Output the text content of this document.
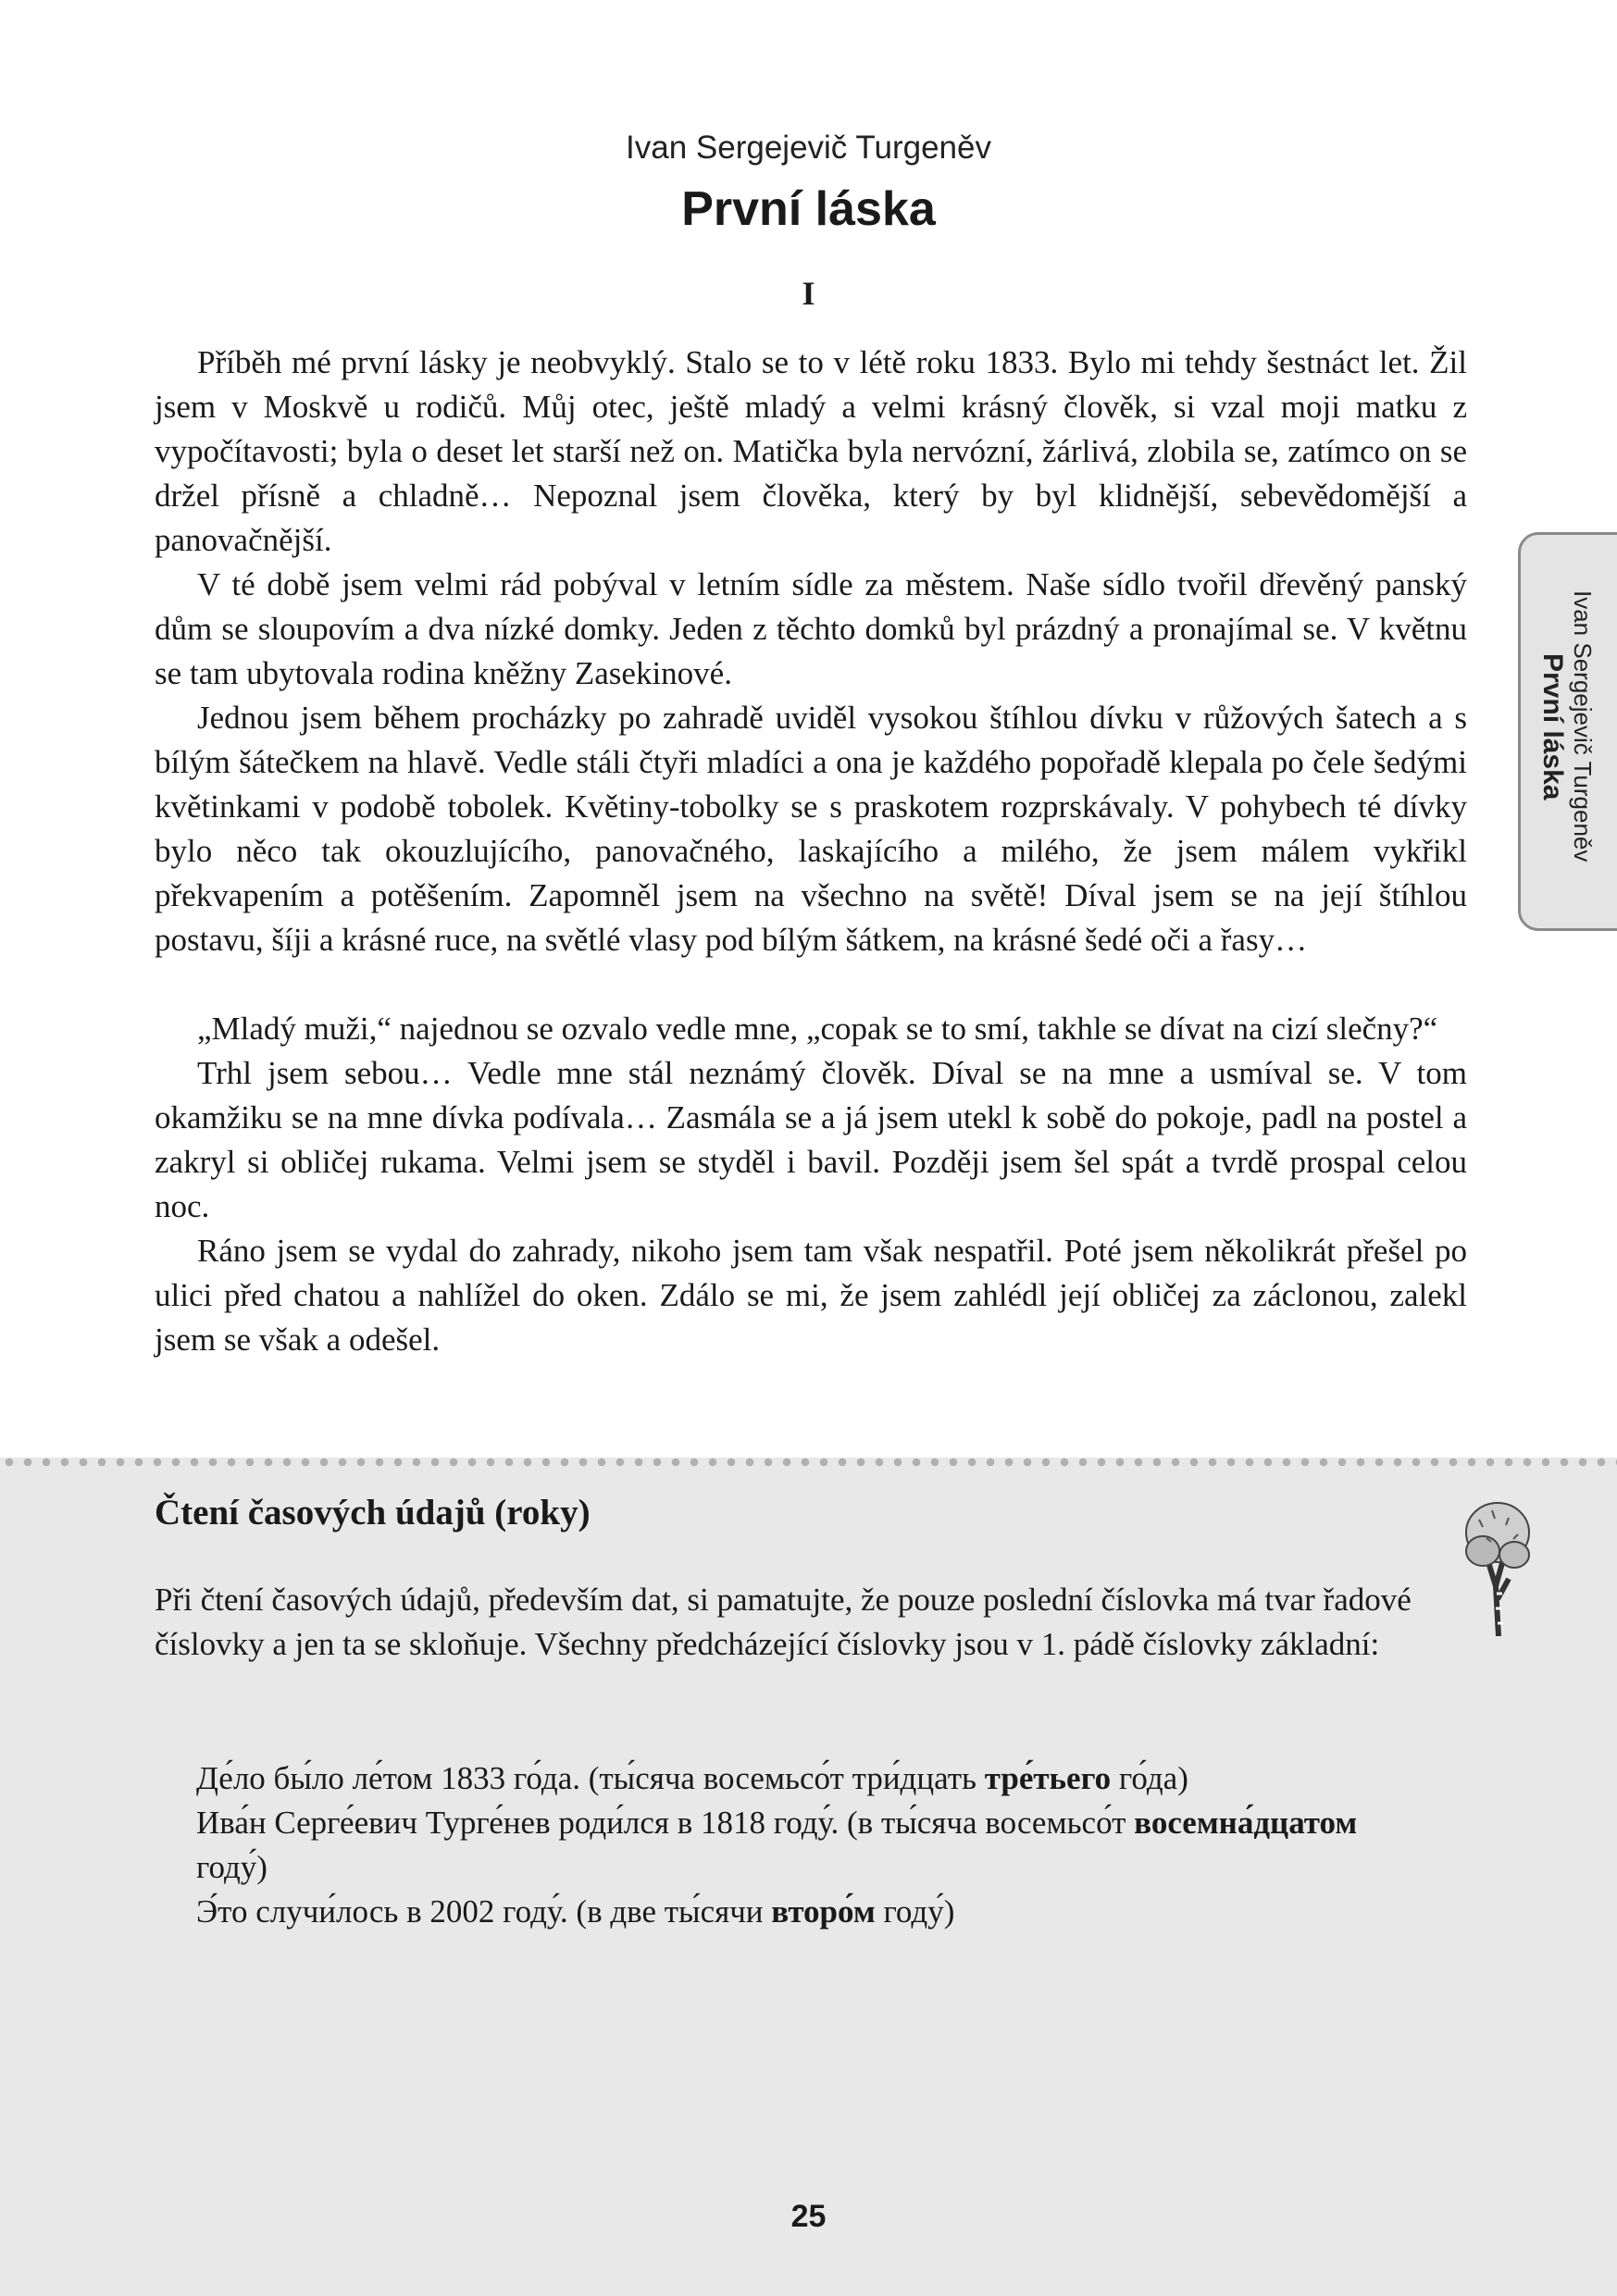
Ivan Sergejevič Turgeněv
První láska
I

Příběh mé první lásky je neobvyklý. Stalo se to v létě roku 1833. Bylo mi tehdy šestnáct let. Žil jsem v Moskvě u rodičů. Můj otec, ještě mladý a velmi krásný člověk, si vzal moji matku z vypočítavosti; byla o deset let starší než on. Matička byla nervózní, žárlivá, zlobila se, zatímco on se držel přísně a chladně… Nepoznal jsem člověka, který by byl klidnější, sebevědomější a panovačnější.

V té době jsem velmi rád pobýval v letním sídle za městem. Naše sídlo tvořil dřevěný panský dům se sloupovím a dva nízké domky. Jeden z těchto domků byl prázdný a pronajímal se. V květnu se tam ubytovala rodina kněžny Zasekinové.

Jednou jsem během procházky po zahradě uviděl vysokou štíhlou dívku v růžových šatech a s bílým šátečkem na hlavě. Vedle stáli čtyři mladíci a ona je každého popořadě klepala po čele šedými květinkami v podobě tobolek. Květiny-tobolky se s praskotem rozprskávaly. V pohybech té dívky bylo něco tak okouzlujícího, panovačného, laskajícího a milého, že jsem málem vykřikl překvapením a potěšením. Zapomněl jsem na všechno na světě! Díval jsem se na její štíhlou postavu, šíji a krásné ruce, na světlé vlasy pod bílým šátkem, na krásné šedé oči a řasy…

„Mladý muži,“ najednou se ozvalo vedle mne, „copak se to smí, takhle se dívat na cizí slečny?“

Trhl jsem sebou… Vedle mne stál neznámý člověk. Díval se na mne a usmíval se. V tom okamžiku se na mne dívka podívala… Zasmála se a já jsem utekl k sobě do pokoje, padl na postel a zakryl si obličej rukama. Velmi jsem se styděl i bavil. Později jsem šel spát a tvrdě prospal celou noc.

Ráno jsem se vydal do zahrady, nikoho jsem tam však nespatřil. Poté jsem několikrát přešel po ulici před chatou a nahlížel do oken. Zdálo se mi, že jsem zahlédl její obličej za záclonou, zalekl jsem se však a odešel.

Ivan Sergejevič Turgeněv
První láska
Čtení časových údajů (roky)
Při čtení časových údajů, především dat, si pamatujte, že pouze poslední číslovka má tvar řadové číslovky a jen ta se skloňuje. Všechny předcházející číslovky jsou v 1. pádě číslovky základní:
Де́ло бы́ло ле́том 1833 го́да. (ты́сяча восемьсо́т три́дцать тре́тьего го́да)
Ива́н Серге́евич Турге́нев роди́лся в 1818 году́. (в ты́сяча восемьсо́т восемна́дцатом году́)
Э́то случи́лось в 2002 году́. (в две ты́сячи второ́м году́)
25
